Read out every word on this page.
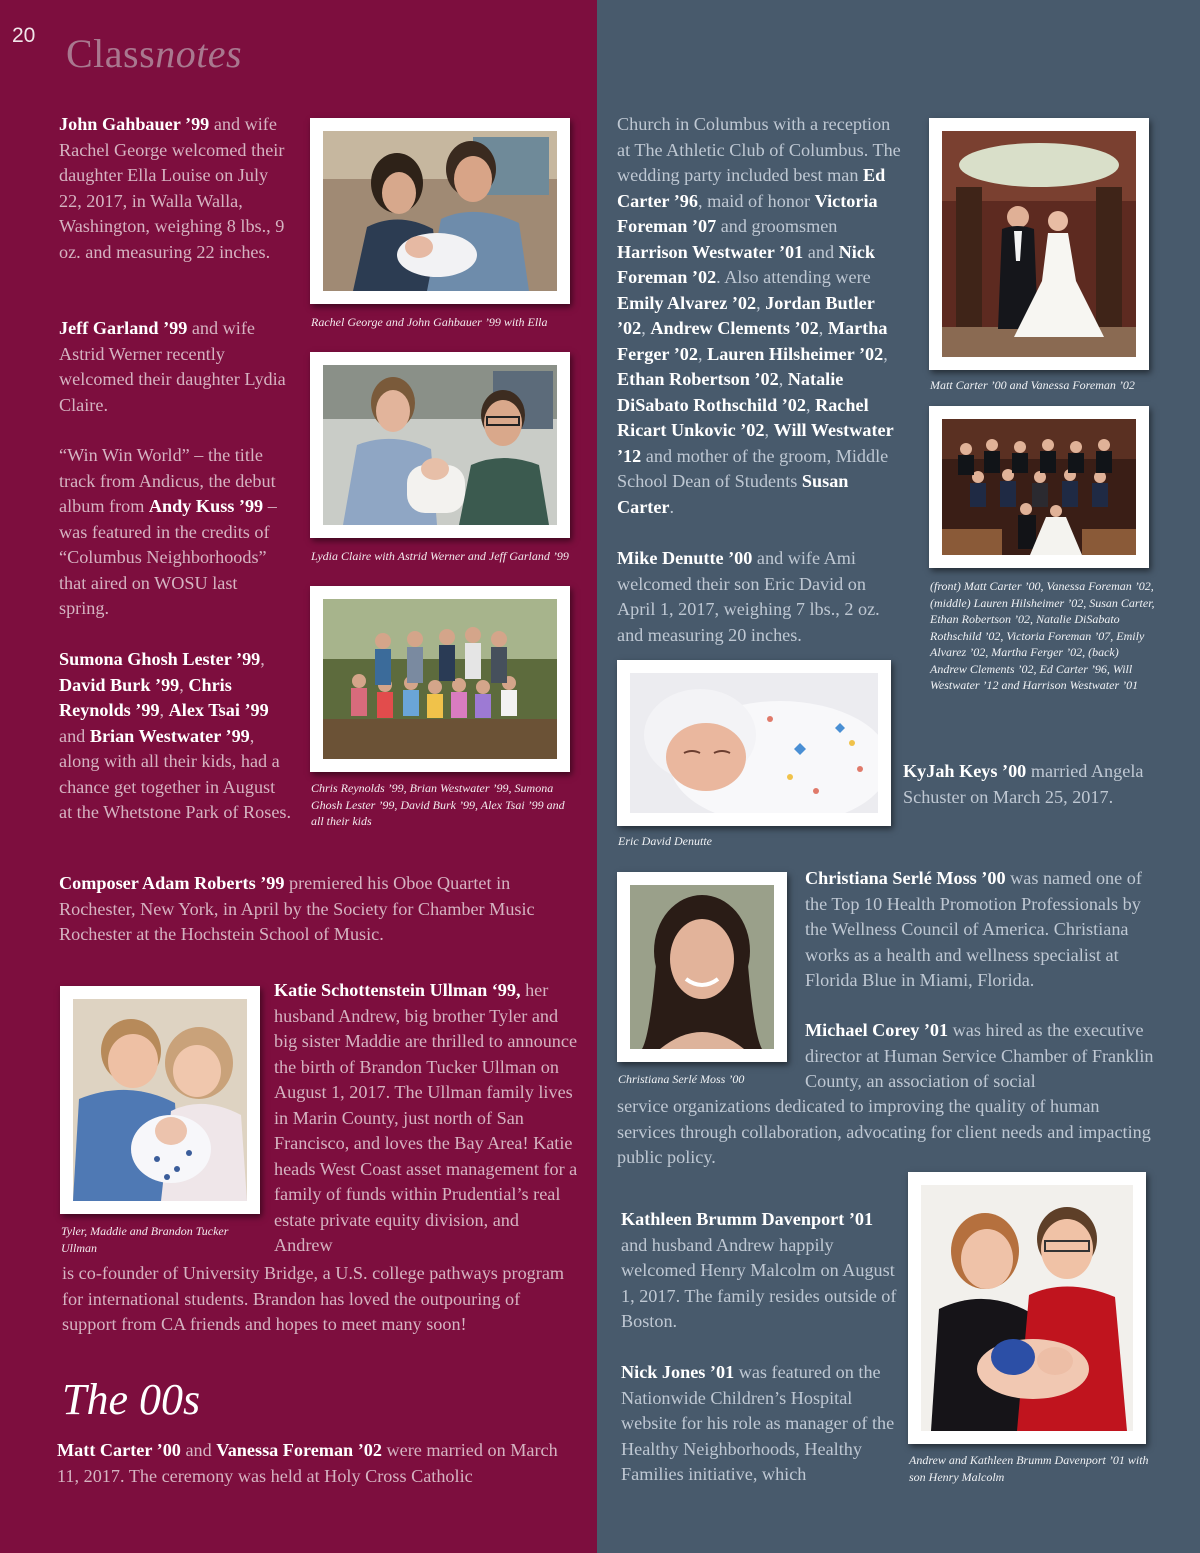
20 Classnotes
John Gahbauer ’99 and wife Rachel George welcomed their daughter Ella Louise on July 22, 2017, in Walla Walla, Washington, weighing 8 lbs., 9 oz. and measuring 22 inches.
Jeff Garland ’99 and wife Astrid Werner recently welcomed their daughter Lydia Claire.
“Win Win World” – the title track from Andicus, the debut album from Andy Kuss ’99 – was featured in the credits of “Columbus Neighborhoods” that aired on WOSU last spring.
Sumona Ghosh Lester ’99, David Burk ’99, Chris Reynolds ’99, Alex Tsai ’99 and Brian Westwater ’99, along with all their kids, had a chance get together in August at the Whetstone Park of Roses.
Composer Adam Roberts ’99 premiered his Oboe Quartet in Rochester, New York, in April by the Society for Chamber Music Rochester at the Hochstein School of Music.
Katie Schottenstein Ullman ‘99, her husband Andrew, big brother Tyler and big sister Maddie are thrilled to announce the birth of Brandon Tucker Ullman on August 1, 2017. The Ullman family lives in Marin County, just north of San Francisco, and loves the Bay Area! Katie heads West Coast asset management for a family of funds within Prudential’s real estate private equity division, and Andrew
is co-founder of University Bridge, a U.S. college pathways program for international students. Brandon has loved the outpouring of support from CA friends and hopes to meet many soon!
The 00s
Matt Carter ’00 and Vanessa Foreman ’02 were married on March 11, 2017. The ceremony was held at Holy Cross Catholic
Rachel George and John Gahbauer ’99 with Ella
Lydia Claire with Astrid Werner and Jeff Garland ’99
Chris Reynolds ’99, Brian Westwater ’99, Sumona Ghosh Lester ’99, David Burk ’99, Alex Tsai ’99 and all their kids
Tyler, Maddie and Brandon Tucker Ullman
Church in Columbus with a reception at The Athletic Club of Columbus. The wedding party included best man Ed Carter ’96, maid of honor Victoria Foreman ’07 and groomsmen Harrison Westwater ’01 and Nick Foreman ’02. Also attending were Emily Alvarez ’02, Jordan Butler ’02, Andrew Clements ’02, Martha Ferger ’02, Lauren Hilsheimer ’02, Ethan Robertson ’02, Natalie DiSabato Rothschild ’02, Rachel Ricart Unkovic ’02, Will Westwater ’12 and mother of the groom, Middle School Dean of Students Susan Carter.
Mike Denutte ’00 and wife Ami welcomed their son Eric David on April 1, 2017, weighing 7 lbs., 2 oz. and measuring 20 inches.
KyJah Keys ’00 married Angela Schuster on March 25, 2017.
Christiana Serlé Moss ’00 was named one of the Top 10 Health Promotion Professionals by the Wellness Council of America. Christiana works as a health and wellness specialist at Florida Blue in Miami, Florida.
Michael Corey ’01 was hired as the executive director at Human Service Chamber of Franklin County, an association of social
service organizations dedicated to improving the quality of human services through collaboration, advocating for client needs and impacting public policy.
Kathleen Brumm Davenport ’01 and husband Andrew happily welcomed Henry Malcolm on August 1, 2017. The family resides outside of Boston.
Nick Jones ’01 was featured on the Nationwide Children’s Hospital website for his role as manager of the Healthy Neighborhoods, Healthy Families initiative, which
Matt Carter ’00 and Vanessa Foreman ’02
(front) Matt Carter ’00, Vanessa Foreman ’02, (middle) Lauren Hilsheimer ’02, Susan Carter, Ethan Robertson ’02, Natalie DiSabato Rothschild ’02, Victoria Foreman ’07, Emily Alvarez ’02, Martha Ferger ’02, (back) Andrew Clements ’02, Ed Carter ’96, Will Westwater ’12 and Harrison Westwater ’01
Eric David Denutte
Christiana Serlé Moss ’00
Andrew and Kathleen Brumm Davenport ’01 with son Henry Malcolm
